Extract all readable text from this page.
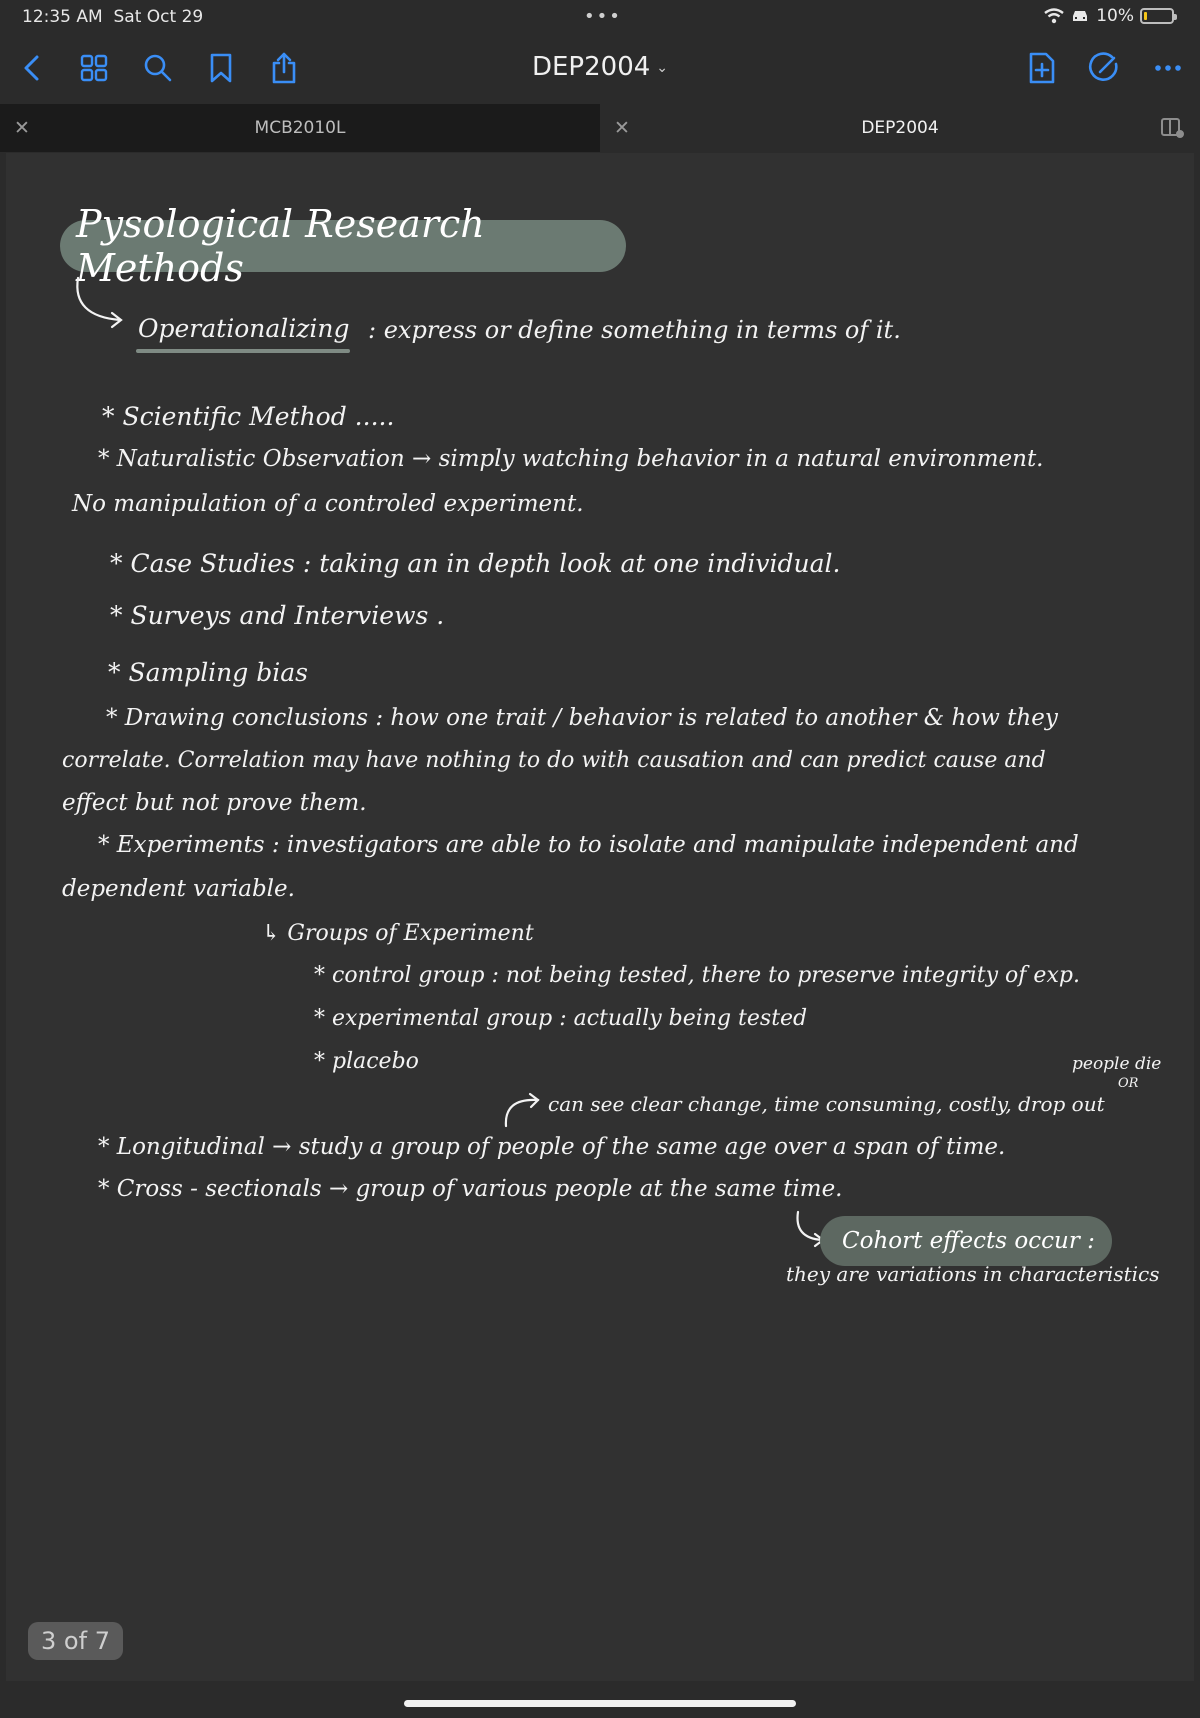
12:35 AM Sat Oct 29	•••	10%
DEP2004 ⌄
✕	MCB2010L	✕	DEP2004
Pysological Research Methods
Operationalizing : express or define something in terms of it.
* Scientific Method .....
* Naturalistic Observation → simply watching behavior in a natural environment.
No manipulation of a controled experiment.
* Case Studies : taking an in depth look at one individual.
* Surveys and Interviews .
* Sampling bias
* Drawing conclusions : how one trait / behavior is related to another & how they
correlate. Correlation may have nothing to do with causation and can predict cause and
effect but not prove them.
* Experiments : investigators are able to to isolate and manipulate independent and
dependent variable.
↳ Groups of Experiment
* control group : not being tested, there to preserve integrity of exp.
* experimental group : actually being tested
* placebo	people die
OR
can see clear change, time consuming, costly, drop out
* Longitudinal → study a group of people of the same age over a span of time.
* Cross - sectionals → group of various people at the same time.
Cohort effects occur :
they are variations in characteristics
3 of 7
